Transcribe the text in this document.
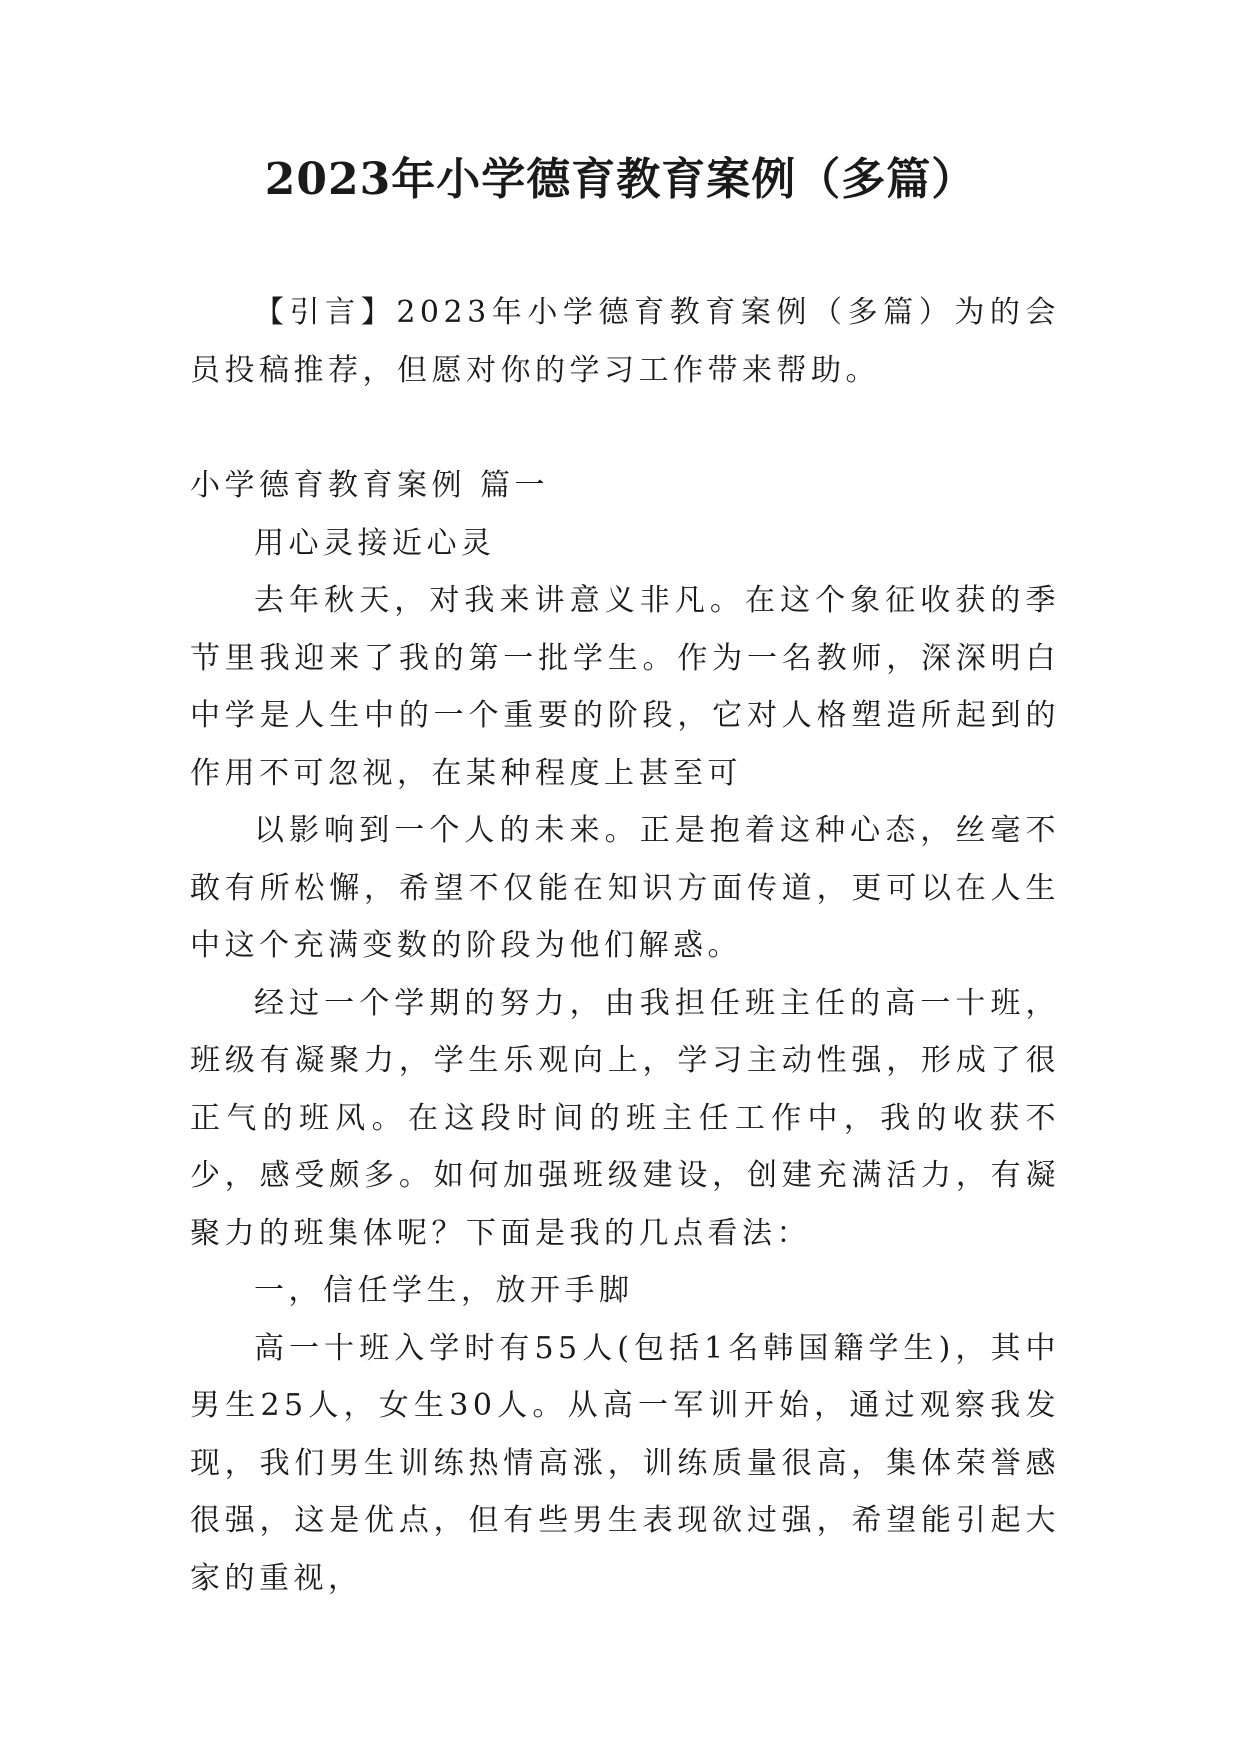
2023年小学德育教育案例（多篇）

【引言】2023年小学德育教育案例（多篇）为的会员投稿推荐，但愿对你的学习工作带来帮助。

小学德育教育案例 篇一

用心灵接近心灵

去年秋天，对我来讲意义非凡。在这个象征收获的季节里我迎来了我的第一批学生。作为一名教师，深深明白中学是人生中的一个重要的阶段，它对人格塑造所起到的作用不可忽视，在某种程度上甚至可

以影响到一个人的未来。正是抱着这种心态，丝毫不敢有所松懈，希望不仅能在知识方面传道，更可以在人生中这个充满变数的阶段为他们解惑。

经过一个学期的努力，由我担任班主任的高一十班，班级有凝聚力，学生乐观向上，学习主动性强，形成了很正气的班风。在这段时间的班主任工作中，我的收获不少，感受颇多。如何加强班级建设，创建充满活力，有凝聚力的班集体呢？下面是我的几点看法：

一，信任学生，放开手脚

高一十班入学时有55人(包括1名韩国籍学生)，其中男生25人，女生30人。从高一军训开始，通过观察我发现，我们男生训练热情高涨，训练质量很高，集体荣誉感很强，这是优点，但有些男生表现欲过强，希望能引起大家的重视，
